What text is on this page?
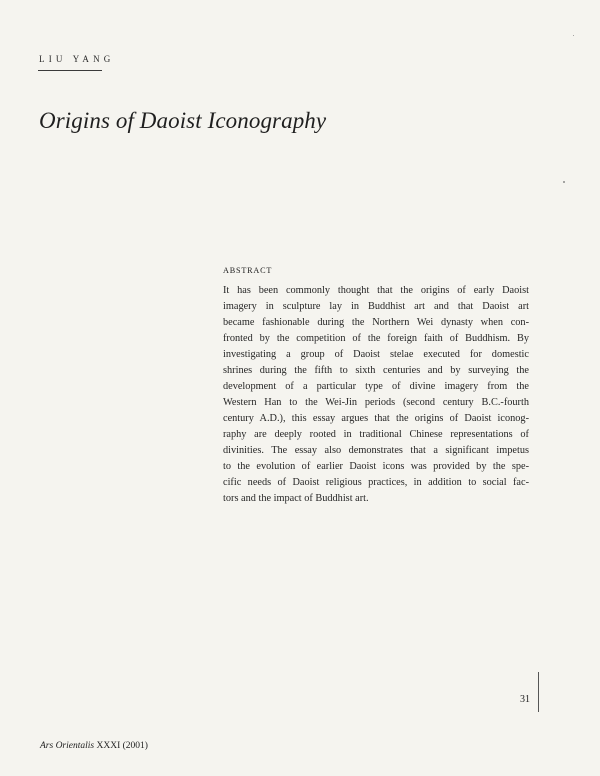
LIU YANG
Origins of Daoist Iconography
ABSTRACT
It has been commonly thought that the origins of early Daoist
imagery in sculpture lay in Buddhist art and that Daoist art
became fashionable during the Northern Wei dynasty when con-
fronted by the competition of the foreign faith of Buddhism. By
investigating a group of Daoist stelae executed for domestic
shrines during the fifth to sixth centuries and by surveying the
development of a particular type of divine imagery from the
Western Han to the Wei-Jin periods (second century B.C.-fourth
century A.D.), this essay argues that the origins of Daoist iconog-
raphy are deeply rooted in traditional Chinese representations of
divinities. The essay also demonstrates that a significant impetus
to the evolution of earlier Daoist icons was provided by the spe-
cific needs of Daoist religious practices, in addition to social fac-
tors and the impact of Buddhist art.
31
Ars Orientalis XXXI (2001)
